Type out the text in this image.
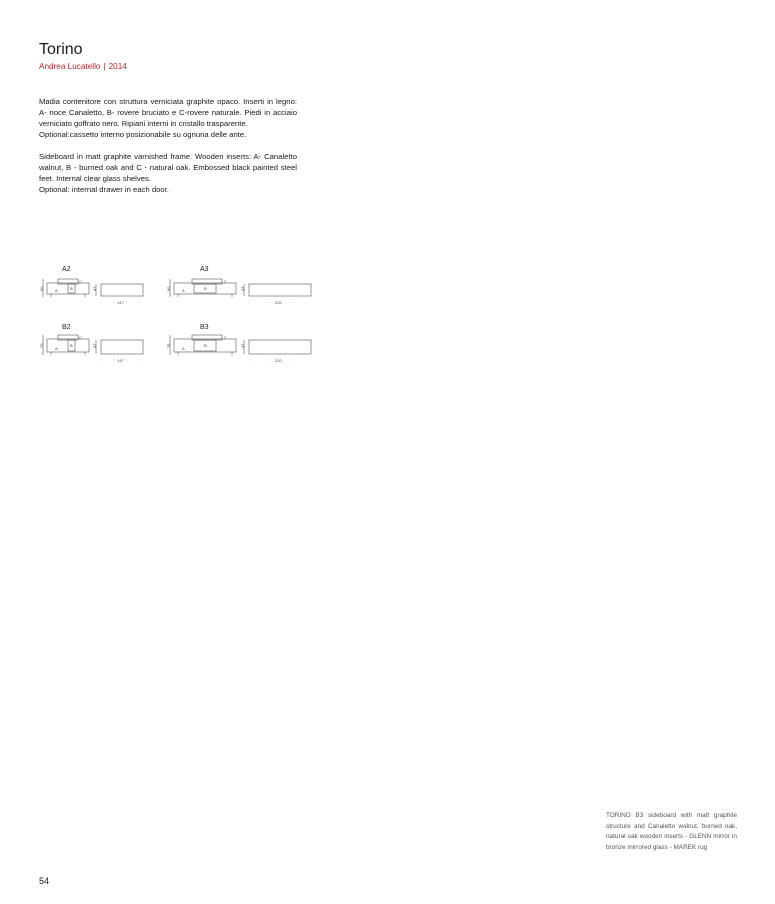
Torino
Andrea Lucatello | 2014

Madia contenitore con struttura verniciata graphite opaco. Inserti in legno: A- noce Canaletto, B- rovere bruciato e C-rovere naturale. Piedi in acciaio verniciato goffrato nero. Ripiani interni in cristallo trasparente.

Optional:cassetto interno posizionabile su ognuna delle ante.

Sideboard in matt graphite varnished frame. Wooden inserts: A- Canaletto walnut, B - burned oak and C - natural oak. Embossed black painted steel feet. Internal clear glass shelves.

Optional: internal drawer in each door.

A2
60	A	B
C
47
147
A3
60	A	B
C
47
220
B2
75
A
B
C
47
147
B3
75
A
B
C
47
220
TORINO B3 sideboard with matt graphite structure and Canaletto walnut, burned oak, natural oak wooden inserts - GLENN mirror in bronze mirrored glass - MAREK rug
54
